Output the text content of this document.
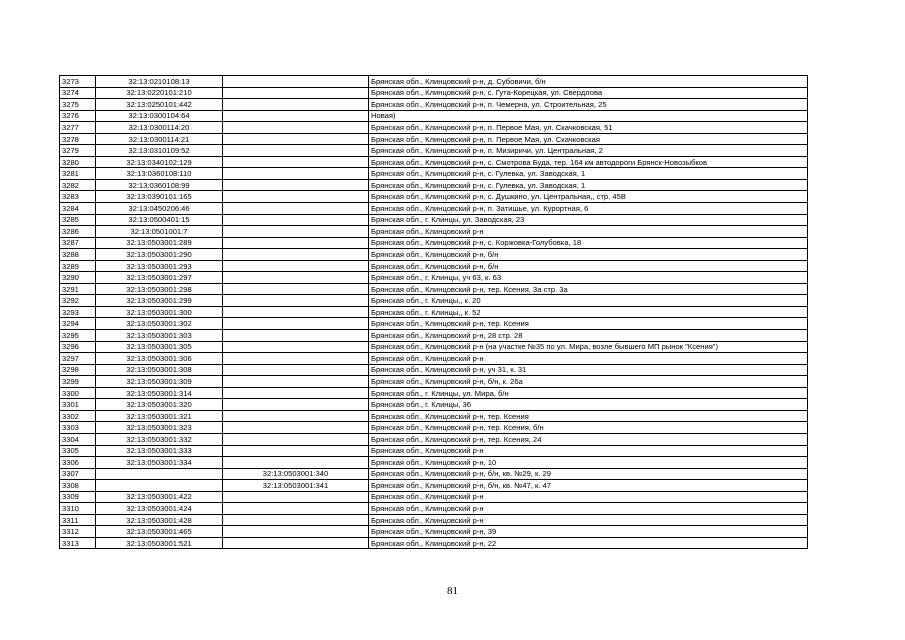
3273	32:13:0210108:13		Брянская обл., Клинцовский р-н, д. Субовичи, б/н
3274	32:13:0220101:210		Брянская обл., Клинцовский р-н, с. Гута-Корецкая, ул. Свердлова
3275	32:13:0250101:442		Брянская обл., Клинцовский р-н, п. Чемерна, ул. Строительная, 25
3276	32:13:0300104:64		Новая)
3277	32:13:0300114:20		Брянская обл., Клинцовский р-н, п. Первое Мая, ул. Скачковская, 51
3278	32:13:0300114:21		Брянская обл., Клинцовский р-н, п. Первое Мая, ул. Скачковская
3279	32:13:0310109:52		Брянская обл., Клинцовский р-н, п. Мизиричи, ул. Центральная, 2
3280	32:13:0340102:129		Брянская обл., Клинцовский р-н, с. Смотрова Буда, тер. 164 км автодороги Брянск-Новозыбков
3281	32:13:0360108:110		Брянская обл., Клинцовский р-н, с. Гулевка, ул. Заводская, 1
3282	32:13:0360108:99		Брянская обл., Клинцовский р-н, с. Гулевка, ул. Заводская, 1
3283	32:13:0390101:165		Брянская обл., Клинцовский р-н, с. Душкино, ул. Центральная,, стр. 45В
3284	32:13:0450206:46		Брянская обл., Клинцовский р-н, п. Затишье, ул. Курортная, 6
3285	32:13:0500401:15		Брянская обл., г. Клинцы, ул. Заводская, 23
3286	32:13:0501001:7		Брянская обл., Клинцовский р-н
3287	32:13:0503001:289		Брянская обл., Клинцовский р-н, с. Коржовка-Голубовка, 18
3288	32:13:0503001:290		Брянская обл., Клинцовский р-н, б/н
3289	32:13:0503001:293		Брянская обл., Клинцовский р-н, б/н
3290	32:13:0503001:297		Брянская обл., г. Клинцы, уч 63, к. 63
3291	32:13:0503001:298		Брянская обл., Клинцовский р-н, тер. Ксения, 3а стр. 3а
3292	32:13:0503001:299		Брянская обл., г. Клинцы,, к. 20
3293	32:13:0503001:300		Брянская обл., г. Клинцы,, к. 52
3294	32:13:0503001:302		Брянская обл., Клинцовский р-н, тер. Ксения
3295	32:13:0503001:303		Брянская обл., Клинцовский р-н, 28 стр. 28
3296	32:13:0503001:305		Брянская обл., Клинцовский р-н (на участке №35 по ул. Мира, возле бывшего МП рынок "Ксения")
3297	32:13:0503001:306		Брянская обл., Клинцовский р-н
3298	32:13:0503001:308		Брянская обл., Клинцовский р-н, уч 31, к. 31
3299	32:13:0503001:309		Брянская обл., Клинцовский р-н, б/н, к. 26а
3300	32:13:0503001:314		Брянская обл., г. Клинцы, ул. Мира, б/н
3301	32:13:0503001:320		Брянская обл., г. Клинцы, 36
3302	32:13:0503001:321		Брянская обл., Клинцовский р-н, тер. Ксения
3303	32:13:0503001:323		Брянская обл., Клинцовский р-н, тер. Ксения, б/н
3304	32:13:0503001:332		Брянская обл., Клинцовский р-н, тер. Ксения, 24
3305	32:13:0503001:333		Брянская обл., Клинцовский р-н
3306	32:13:0503001:334		Брянская обл., Клинцовский р-н, 10
3307		32:13:0503001:340	Брянская обл., Клинцовский р-н, б/н, кв. №29, к. 29
3308		32:13:0503001:341	Брянская обл., Клинцовский р-н, б/н, кв. №47, к. 47
3309	32:13:0503001:422		Брянская обл., Клинцовский р-н
3310	32:13:0503001:424		Брянская обл., Клинцовский р-н
3311	32:13:0503001:428		Брянская обл., Клинцовский р-н
3312	32:13:0503001:465		Брянская обл., Клинцовский р-н, 39
3313	32:13:0503001:521		Брянская обл., Клинцовский р-н, 22
81
